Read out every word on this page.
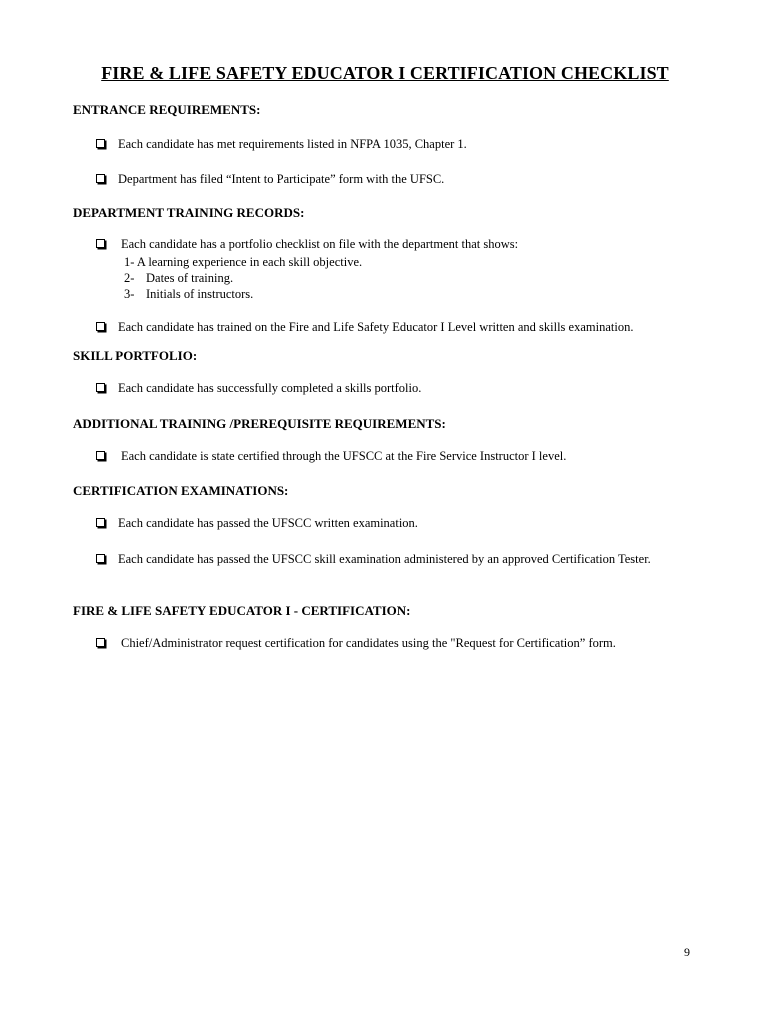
FIRE & LIFE SAFETY EDUCATOR I CERTIFICATION CHECKLIST
ENTRANCE REQUIREMENTS:
Each candidate has met requirements listed in NFPA 1035, Chapter 1.
Department has filed “Intent to Participate” form with the UFSC.
DEPARTMENT TRAINING RECORDS:
Each candidate has a portfolio checklist on file with the department that shows:
1- A learning experience in each skill objective.
2- Dates of training.
3- Initials of instructors.
Each candidate has trained on the Fire and Life Safety Educator I Level written and skills examination.
SKILL PORTFOLIO:
Each candidate has successfully completed a skills portfolio.
ADDITIONAL TRAINING /PREREQUISITE REQUIREMENTS:
Each candidate is state certified through the UFSCC at the Fire Service Instructor I level.
CERTIFICATION EXAMINATIONS:
Each candidate has passed the UFSCC written examination.
Each candidate has passed the UFSCC skill examination administered by an approved Certification Tester.
FIRE & LIFE SAFETY EDUCATOR I - CERTIFICATION:
Chief/Administrator request certification for candidates using the "Request for Certification” form.
9
